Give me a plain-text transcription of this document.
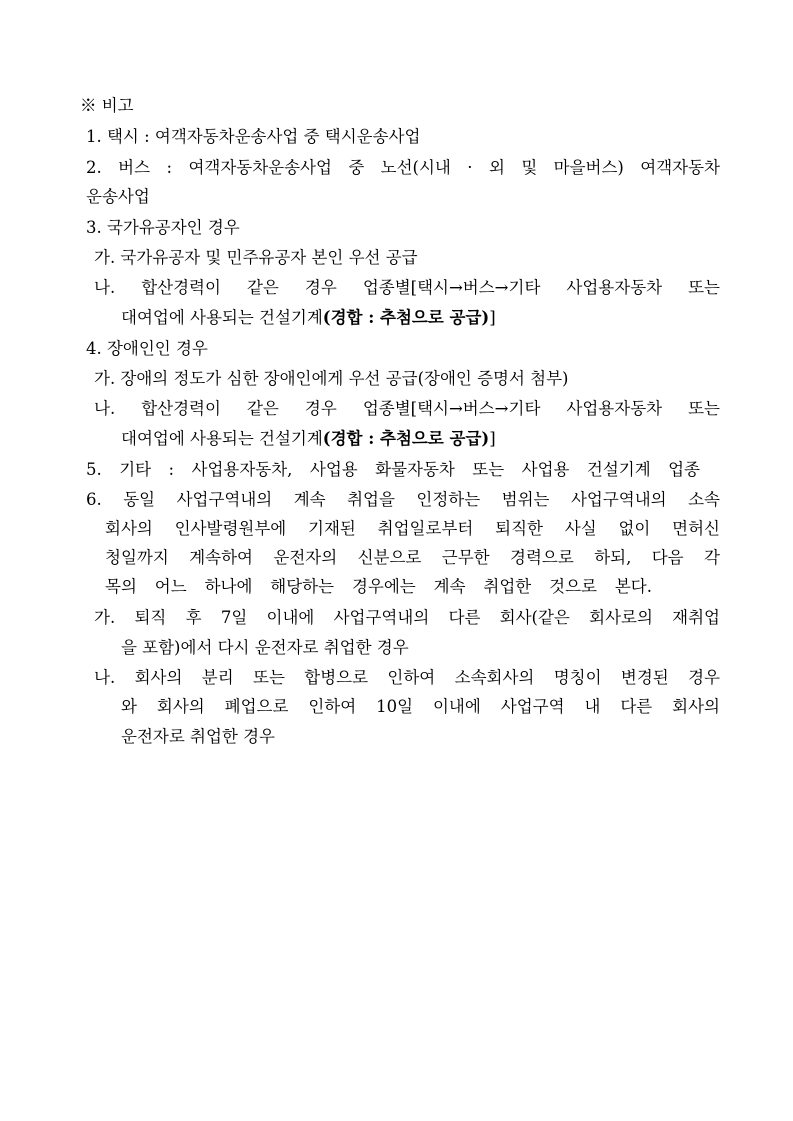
※ 비고
1. 택시 : 여객자동차운송사업 중 택시운송사업
2. 버스 : 여객자동차운송사업 중 노선(시내 · 외 및 마을버스) 여객자동차
운송사업
3. 국가유공자인 경우
가. 국가유공자 및 민주유공자 본인 우선 공급
나. 합산경력이 같은 경우 업종별[택시→버스→기타 사업용자동차 또는
대여업에 사용되는 건설기계(경합 : 추첨으로 공급)]
4. 장애인인 경우
가. 장애의 정도가 심한 장애인에게 우선 공급(장애인 증명서 첨부)
나. 합산경력이 같은 경우 업종별[택시→버스→기타 사업용자동차 또는
대여업에 사용되는 건설기계(경합 : 추첨으로 공급)]
5. 기타 : 사업용자동차, 사업용 화물자동차 또는 사업용 건설기계 업종
6. 동일 사업구역내의 계속 취업을 인정하는 범위는 사업구역내의 소속
회사의 인사발령원부에 기재된 취업일로부터 퇴직한 사실 없이 면허신
청일까지 계속하여 운전자의 신분으로 근무한 경력으로 하되, 다음 각
목의 어느 하나에 해당하는 경우에는 계속 취업한 것으로 본다.
가. 퇴직 후 7일 이내에 사업구역내의 다른 회사(같은 회사로의 재취업
을 포함)에서 다시 운전자로 취업한 경우
나. 회사의 분리 또는 합병으로 인하여 소속회사의 명칭이 변경된 경우
와 회사의 폐업으로 인하여 10일 이내에 사업구역 내 다른 회사의
운전자로 취업한 경우
